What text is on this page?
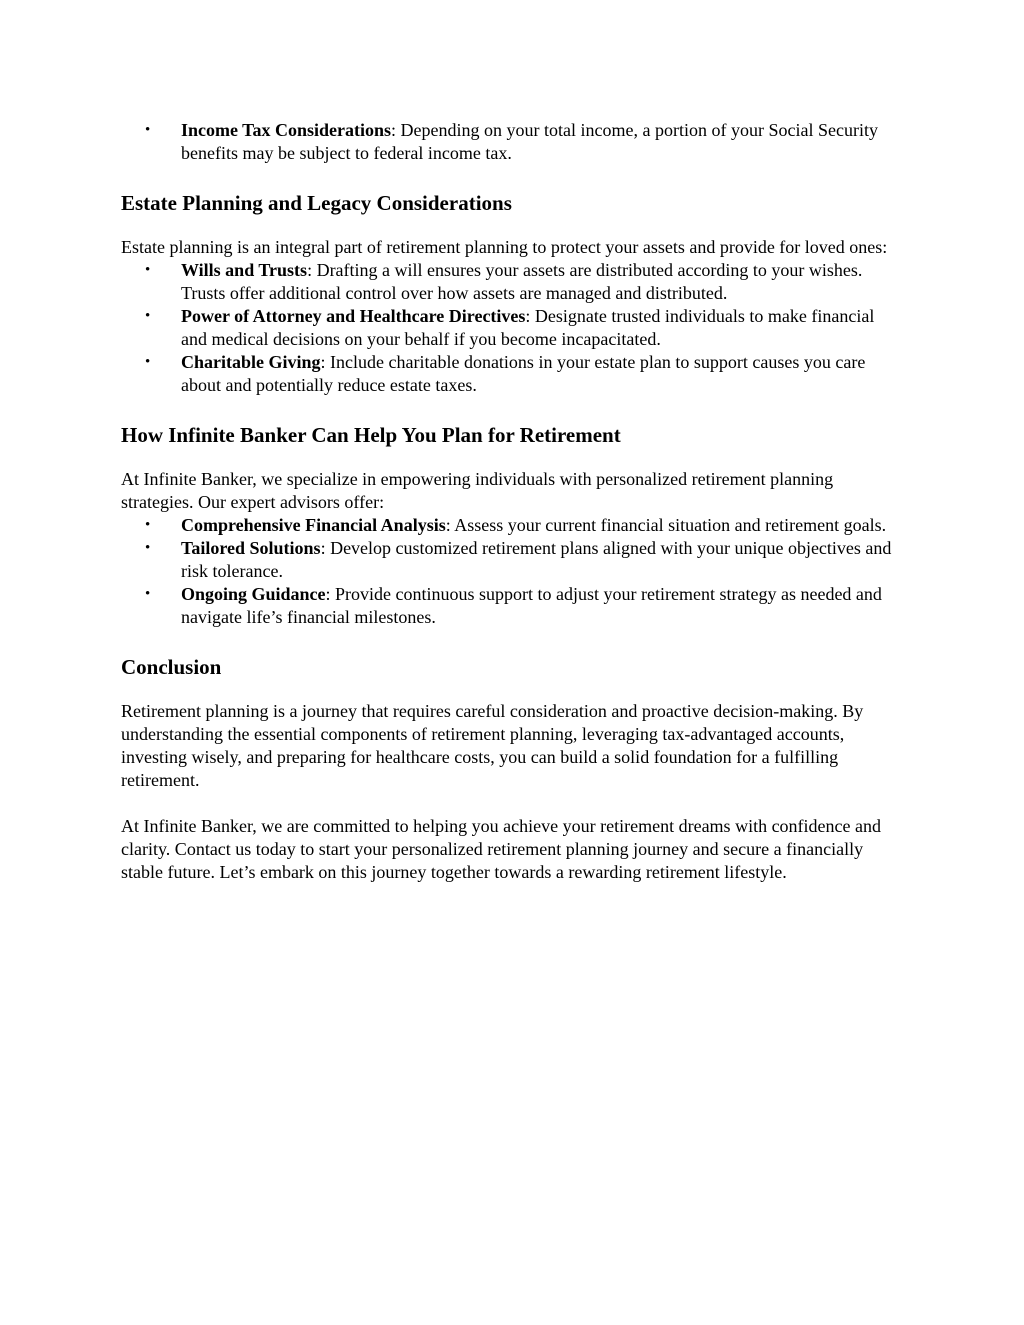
• Income Tax Considerations: Depending on your total income, a portion of your Social Security benefits may be subject to federal income tax.
Estate Planning and Legacy Considerations

Estate planning is an integral part of retirement planning to protect your assets and provide for loved ones:

• Wills and Trusts: Drafting a will ensures your assets are distributed according to your wishes. Trusts offer additional control over how assets are managed and distributed.
• Power of Attorney and Healthcare Directives: Designate trusted individuals to make financial and medical decisions on your behalf if you become incapacitated.
• Charitable Giving: Include charitable donations in your estate plan to support causes you care about and potentially reduce estate taxes.
How Infinite Banker Can Help You Plan for Retirement

At Infinite Banker, we specialize in empowering individuals with personalized retirement planning strategies. Our expert advisors offer:

• Comprehensive Financial Analysis: Assess your current financial situation and retirement goals.
• Tailored Solutions: Develop customized retirement plans aligned with your unique objectives and risk tolerance.
• Ongoing Guidance: Provide continuous support to adjust your retirement strategy as needed and navigate life’s financial milestones.
Conclusion

Retirement planning is a journey that requires careful consideration and proactive decision-making. By understanding the essential components of retirement planning, leveraging tax-advantaged accounts, investing wisely, and preparing for healthcare costs, you can build a solid foundation for a fulfilling retirement.

At Infinite Banker, we are committed to helping you achieve your retirement dreams with confidence and clarity. Contact us today to start your personalized retirement planning journey and secure a financially stable future. Let’s embark on this journey together towards a rewarding retirement lifestyle.
